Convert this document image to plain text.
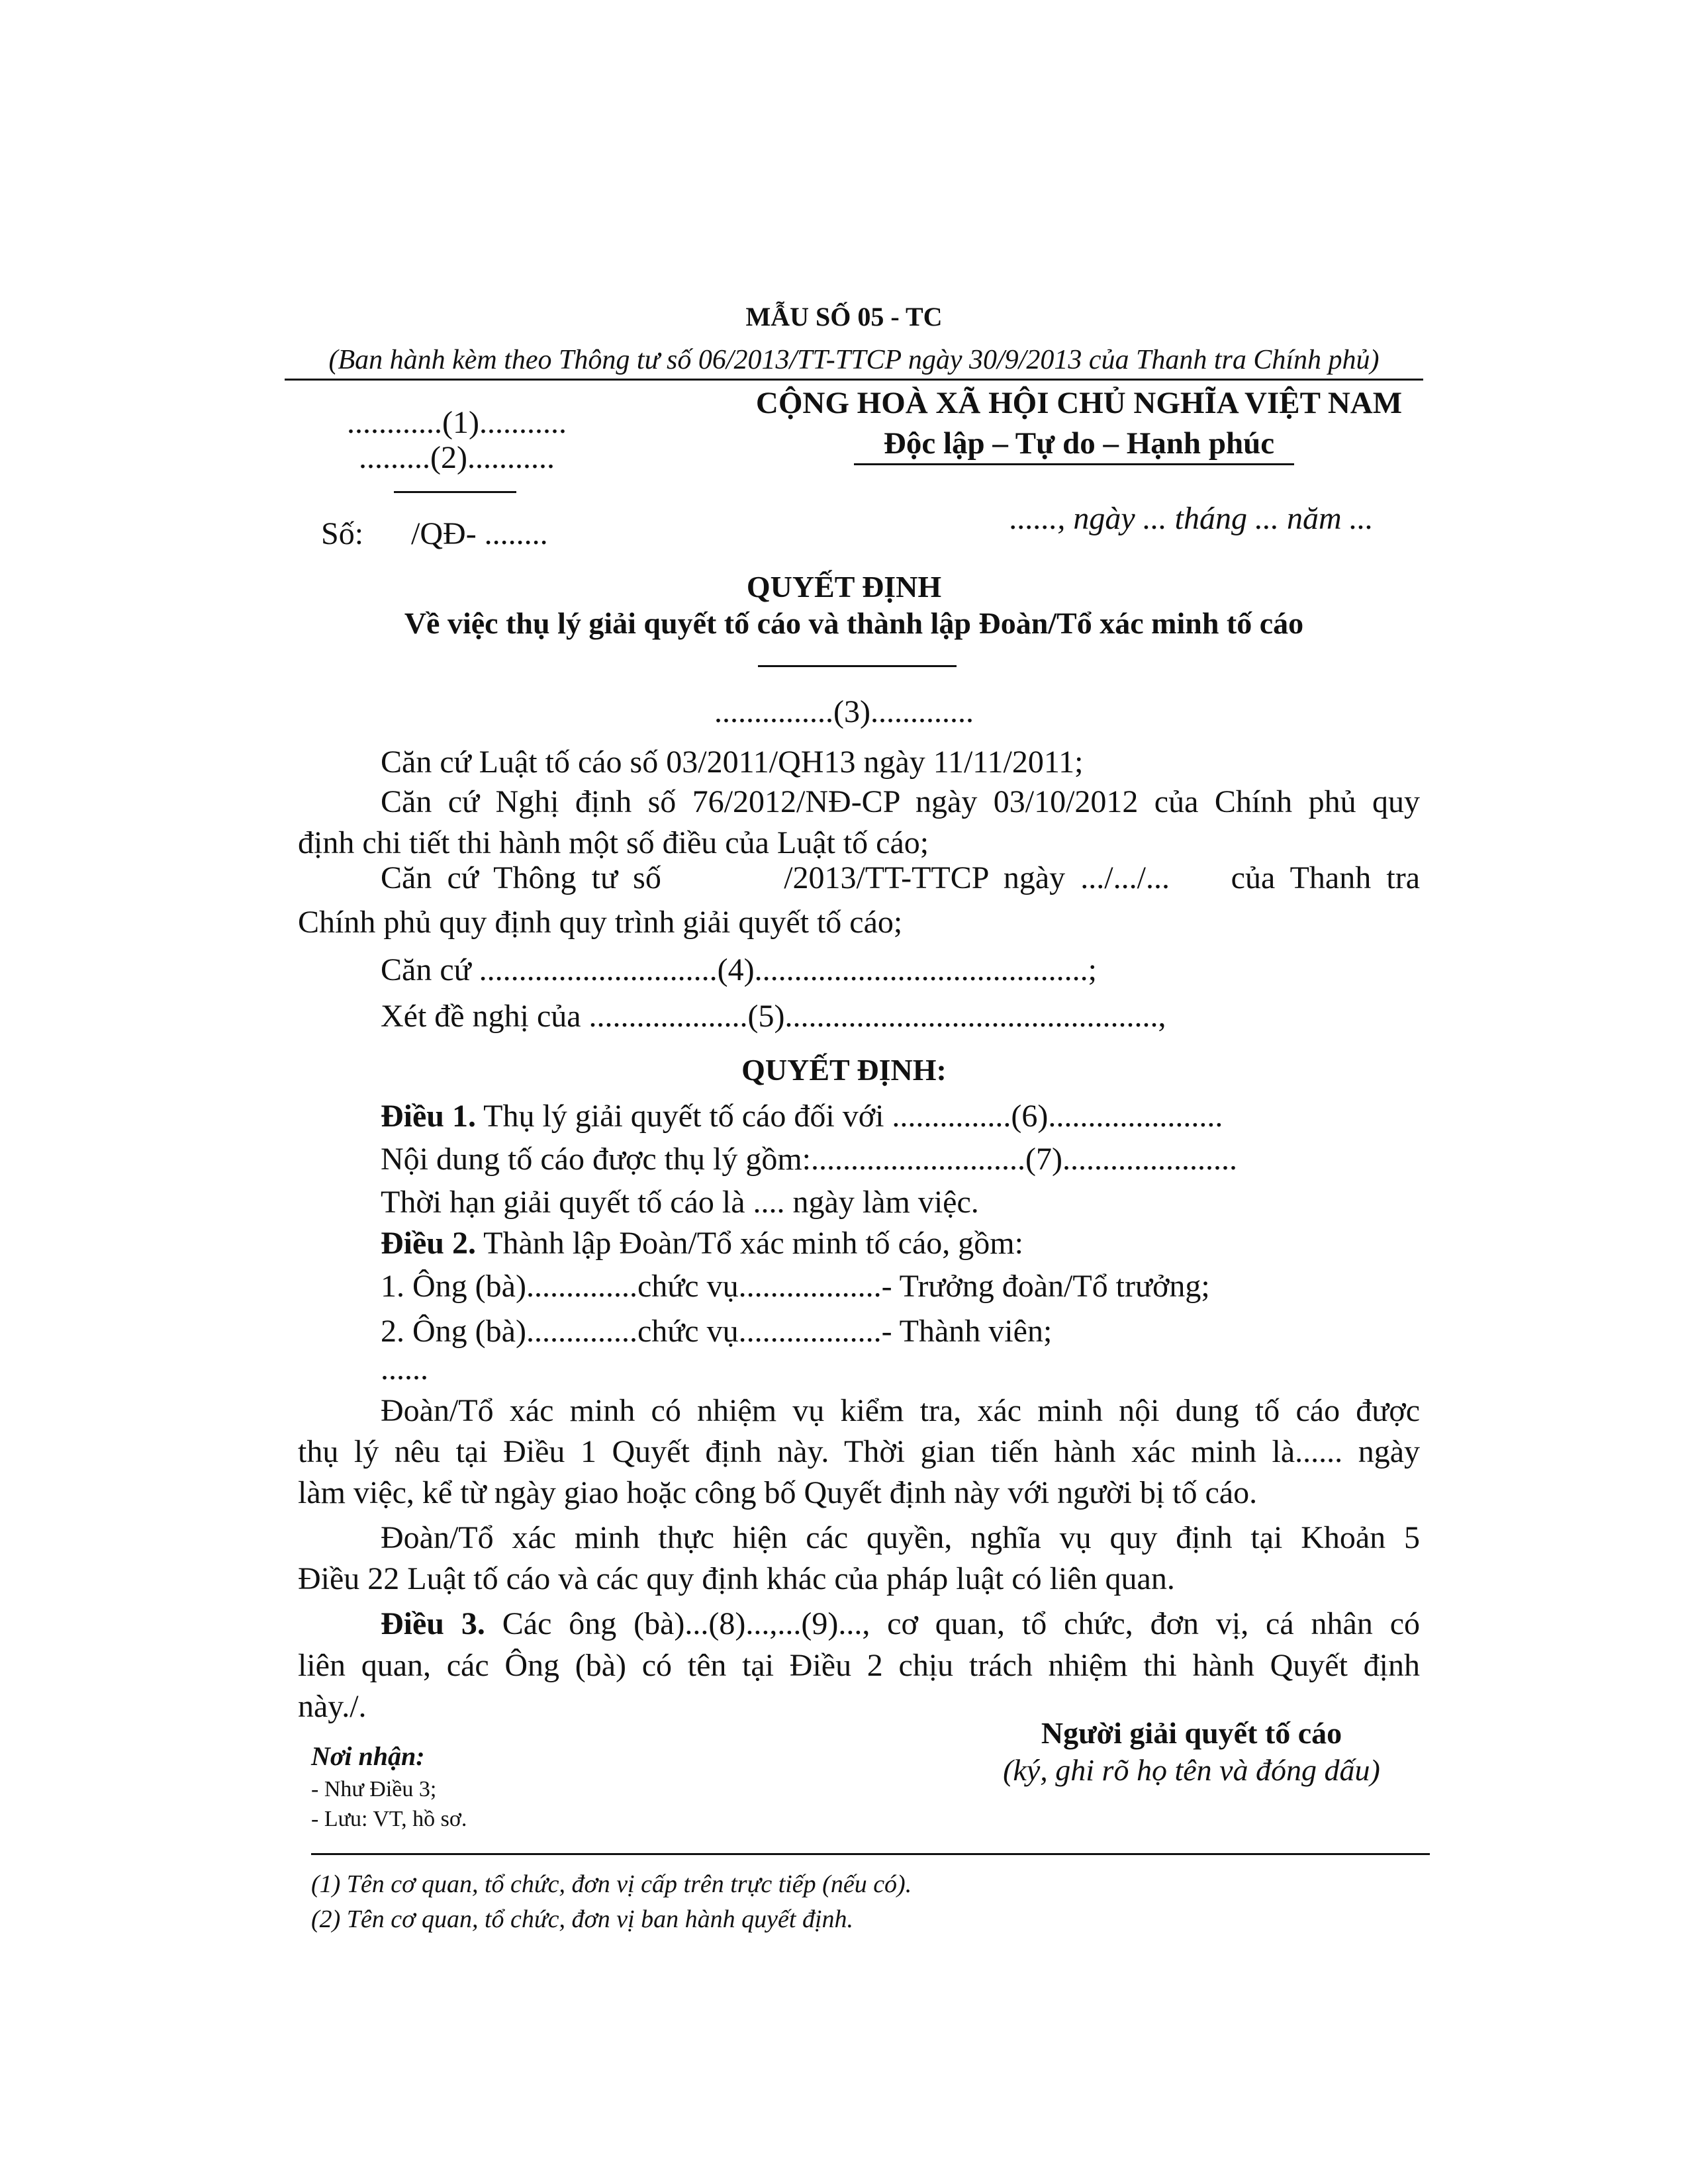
MẪU SỐ 05 - TC
(Ban hành kèm theo Thông tư số 06/2013/TT-TTCP ngày 30/9/2013 của Thanh tra Chính phủ)
............(1)...........
.........(2)...........
Số:      /QĐ- ........
CỘNG HOÀ XÃ HỘI CHỦ NGHĨA VIỆT NAM
Độc lập – Tự do – Hạnh phúc
......, ngày ... tháng ... năm ...
QUYẾT ĐỊNH
Về việc thụ lý giải quyết tố cáo và thành lập Đoàn/Tổ xác minh tố cáo
...............(3).............
Căn cứ Luật tố cáo số 03/2011/QH13 ngày 11/11/2011;
Căn cứ Nghị định số 76/2012/NĐ-CP ngày 03/10/2012 của Chính phủ quy
định chi tiết thi hành một số điều của Luật tố cáo;
Căn cứ Thông tư số        /2013/TT-TTCP ngày .../.../...    của Thanh tra
Chính phủ quy định quy trình giải quyết tố cáo;
Căn cứ ..............................(4)..........................................;
Xét đề nghị của ....................(5)...............................................,
QUYẾT ĐỊNH:
Điều 1. Thụ lý giải quyết tố cáo đối với ...............(6)......................
Nội dung tố cáo được thụ lý gồm:...........................(7)......................
Thời hạn giải quyết tố cáo là .... ngày làm việc.
Điều 2. Thành lập Đoàn/Tổ xác minh tố cáo, gồm:
1. Ông (bà)..............chức vụ..................- Trưởng đoàn/Tổ trưởng;
2. Ông (bà)..............chức vụ..................- Thành viên;
......
Đoàn/Tổ xác minh có nhiệm vụ kiểm tra, xác minh nội dung tố cáo được
thụ lý nêu tại Điều 1 Quyết định này. Thời gian tiến hành xác minh là...... ngày
làm việc, kể từ ngày giao hoặc công bố Quyết định này với người bị tố cáo.
Đoàn/Tổ xác minh thực hiện các quyền, nghĩa vụ quy định tại Khoản 5
Điều 22 Luật tố cáo và các quy định khác của pháp luật có liên quan.
Điều 3. Các ông (bà)...(8)...,...(9)..., cơ quan, tổ chức, đơn vị, cá nhân có
liên quan, các Ông (bà) có tên tại Điều 2 chịu trách nhiệm thi hành Quyết định
này./.
Nơi nhận:
- Như Điều 3;
- Lưu: VT, hồ sơ.
Người giải quyết tố cáo
(ký, ghi rõ họ tên và đóng dấu)
(1) Tên cơ quan, tổ chức, đơn vị cấp trên trực tiếp (nếu có).
(2) Tên cơ quan, tổ chức, đơn vị ban hành quyết định.
